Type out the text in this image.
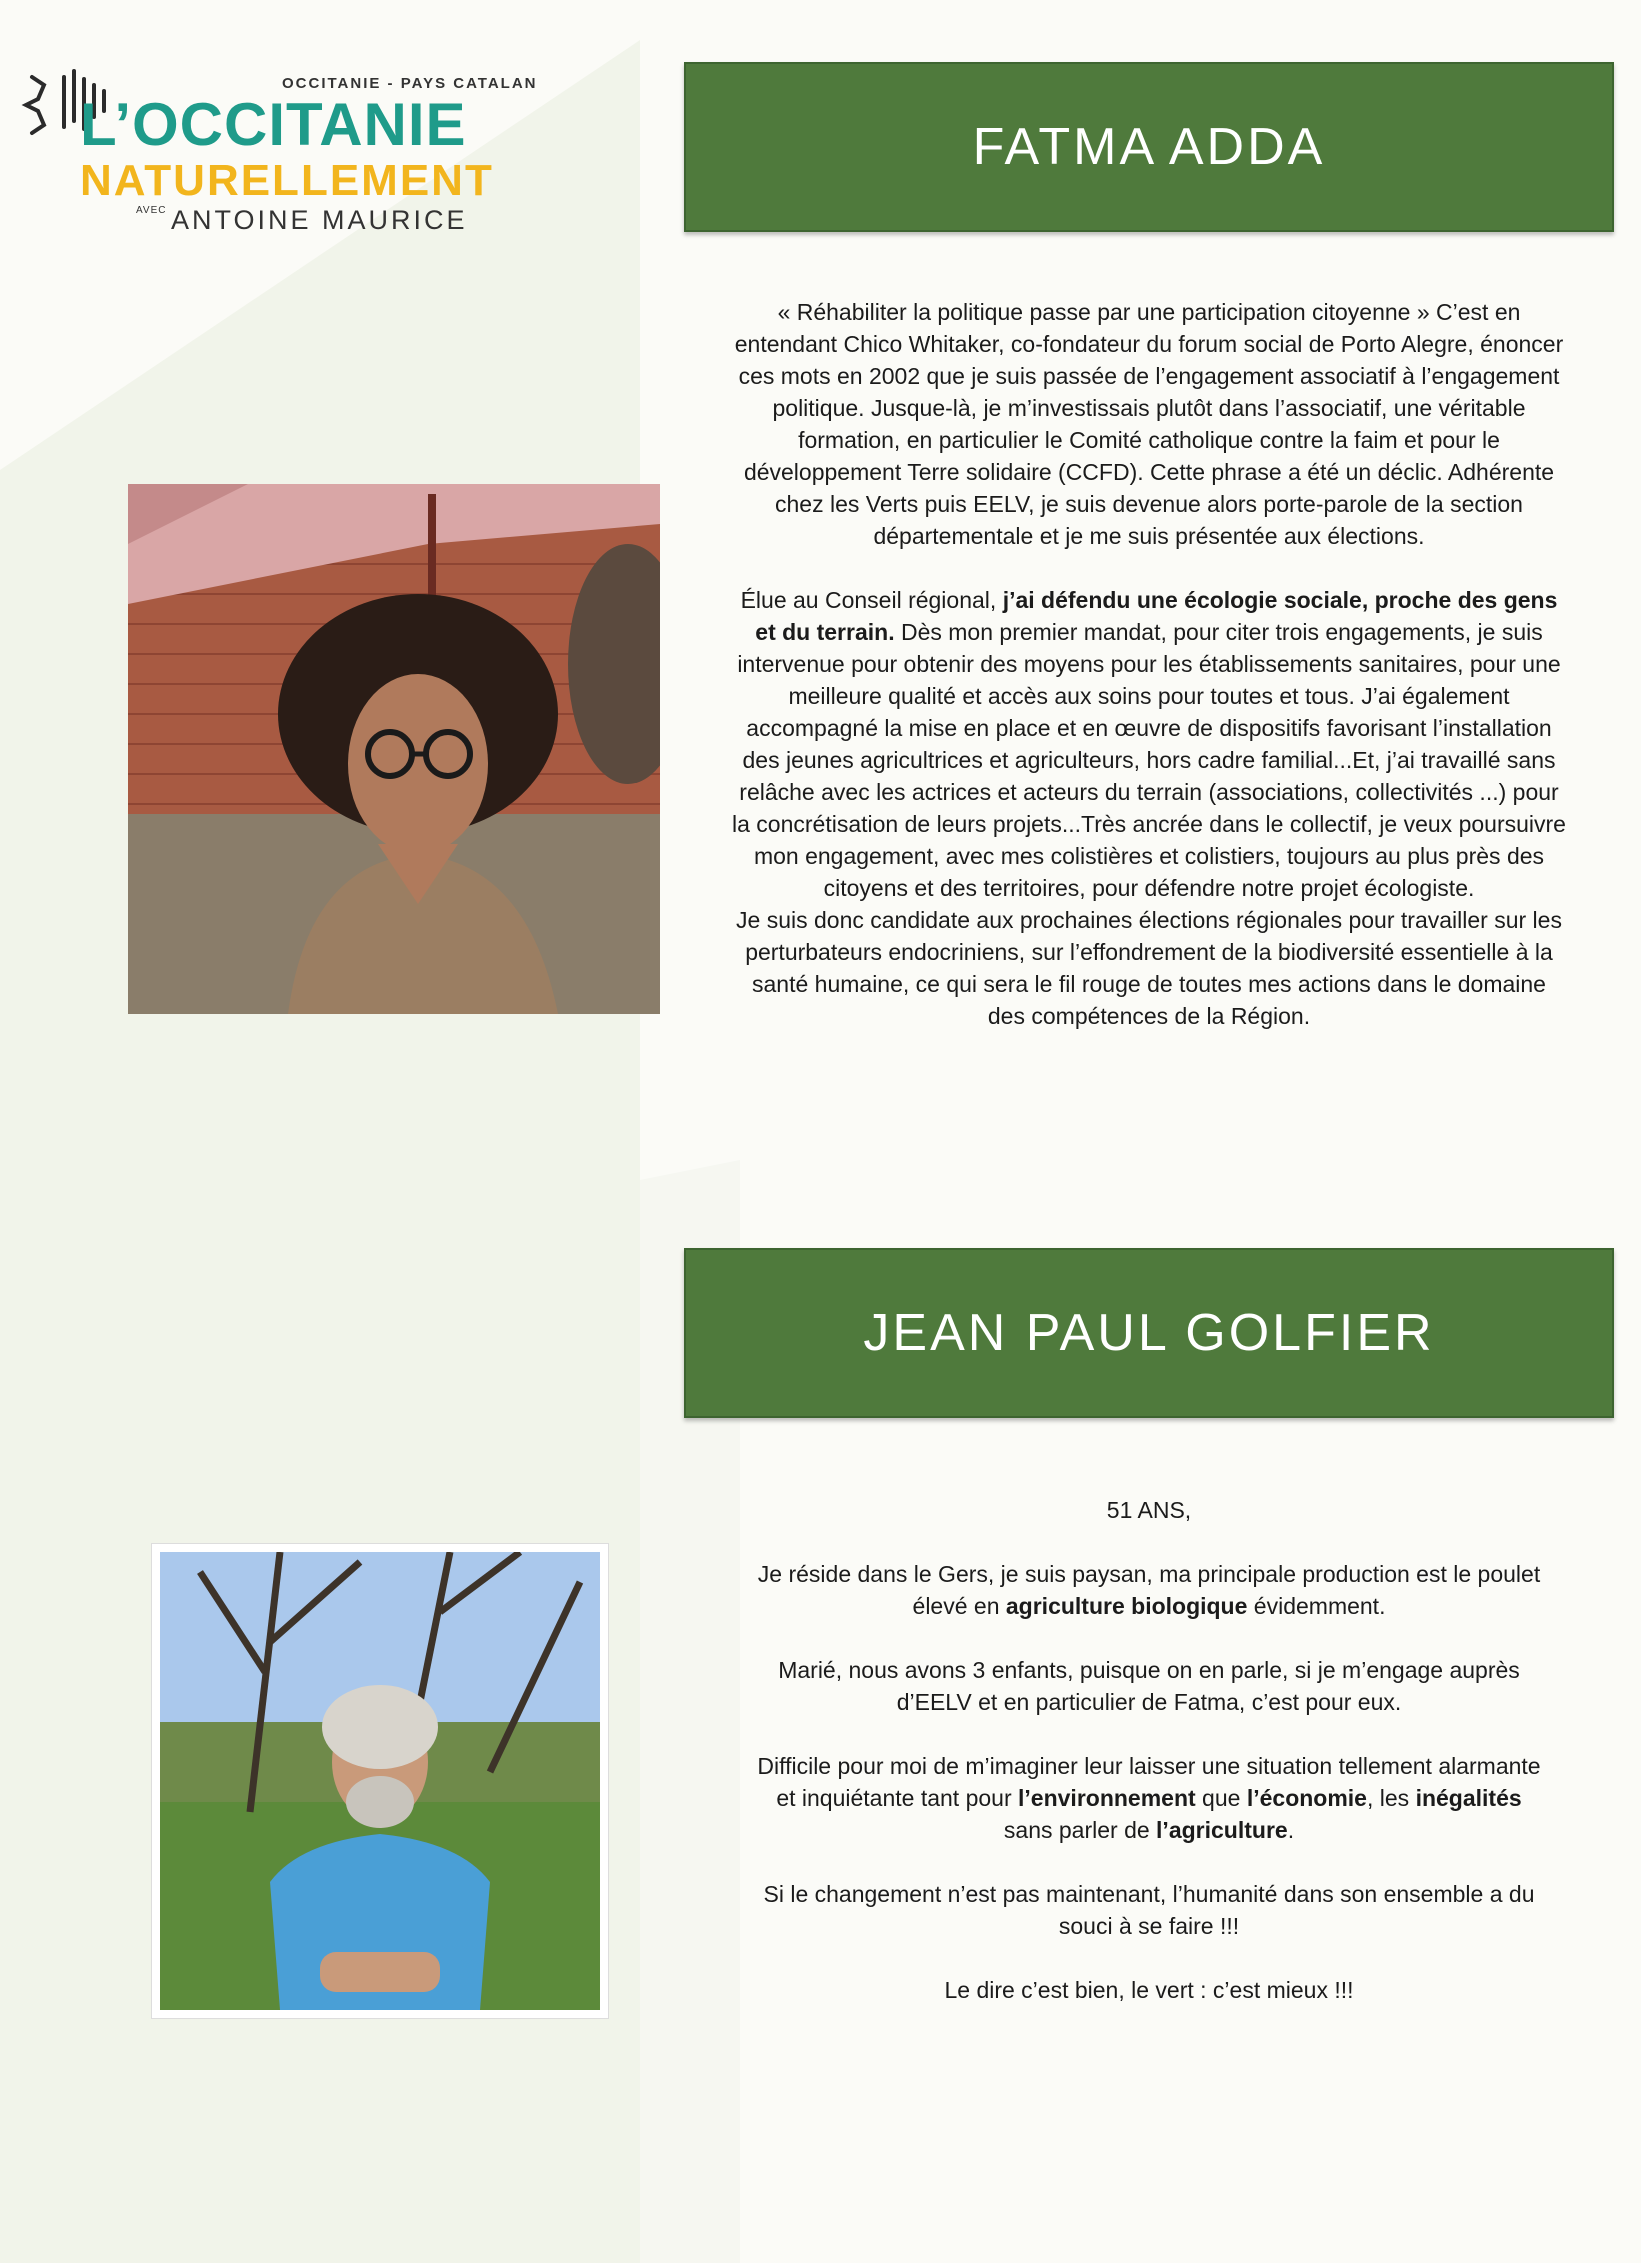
OCCITANIE - PAYS CATALAN
L’OCCITANIE
NATURELLEMENT
$^{AVEC}$ ANTOINE MAURICE
FATMA ADDA

« Réhabiliter la politique passe par une participation citoyenne » C’est en entendant Chico Whitaker, co-fondateur du forum social de Porto Alegre, énoncer ces mots en 2002 que je suis passée de l’engagement associatif à l’engagement politique. Jusque-là, je m’investissais plutôt dans l’associatif, une véritable formation, en particulier le Comité catholique contre la faim et pour le développement Terre solidaire (CCFD). Cette phrase a été un déclic. Adhérente chez les Verts puis EELV, je suis devenue alors porte-parole de la section départementale et je me suis présentée aux élections.

Élue au Conseil régional, j’ai défendu une écologie sociale, proche des gens et du terrain. Dès mon premier mandat, pour citer trois engagements, je suis intervenue pour obtenir des moyens pour les établissements sanitaires, pour une meilleure qualité et accès aux soins pour toutes et tous. J’ai également accompagné la mise en place et en œuvre de dispositifs favorisant l’installation des jeunes agricultrices et agriculteurs, hors cadre familial...Et, j’ai travaillé sans relâche avec les actrices et acteurs du terrain (associations, collectivités ...) pour la concrétisation de leurs projets...Très ancrée dans le collectif, je veux poursuivre mon engagement, avec mes colistières et colistiers, toujours au plus près des citoyens et des territoires, pour défendre notre projet écologiste.

Je suis donc candidate aux prochaines élections régionales pour travailler sur les perturbateurs endocriniens, sur l’effondrement de la biodiversité essentielle à la santé humaine, ce qui sera le fil rouge de toutes mes actions dans le domaine des compétences de la Région.

JEAN PAUL GOLFIER

51 ANS,

Je réside dans le Gers, je suis paysan, ma principale production est le poulet élevé en agriculture biologique évidemment.

Marié, nous avons 3 enfants, puisque on en parle, si je m’engage auprès d’EELV et en particulier de Fatma, c’est pour eux.

Difficile pour moi de m’imaginer leur laisser une situation tellement alarmante et inquiétante tant pour l’environnement que l’économie, les inégalités sans parler de l’agriculture.

Si le changement n’est pas maintenant, l’humanité dans son ensemble a du souci à se faire !!!

Le dire c’est bien, le vert : c’est mieux !!!
